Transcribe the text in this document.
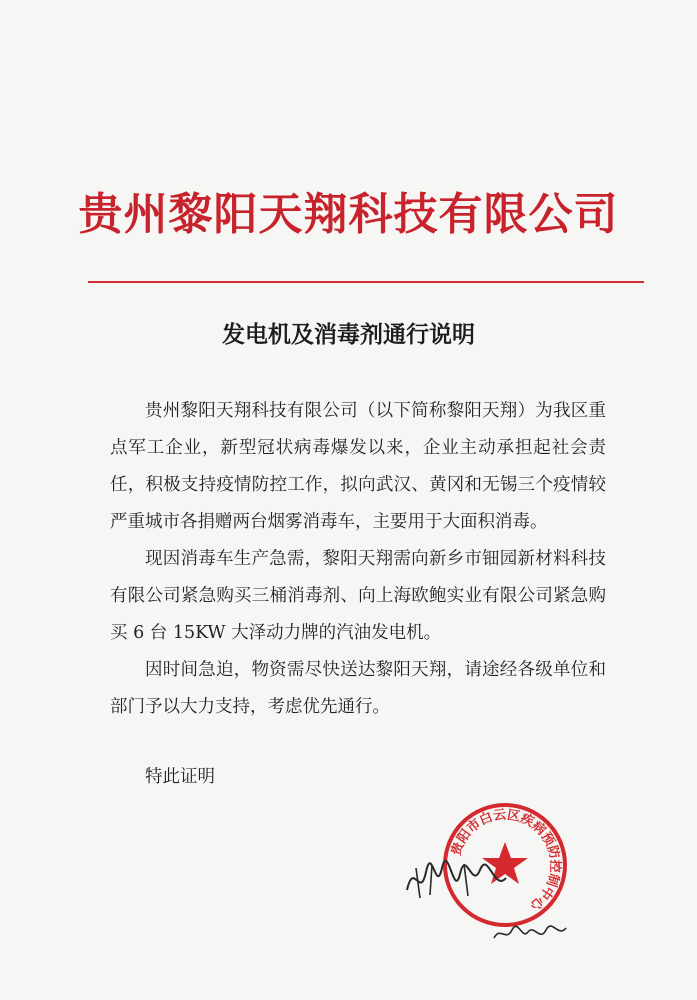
贵州黎阳天翔科技有限公司
发电机及消毒剂通行说明

贵州黎阳天翔科技有限公司（以下简称黎阳天翔）为我区重点军工企业，新型冠状病毒爆发以来，企业主动承担起社会责任，积极支持疫情防控工作，拟向武汉、黄冈和无锡三个疫情较严重城市各捐赠两台烟雾消毒车，主要用于大面积消毒。

现因消毒车生产急需，黎阳天翔需向新乡市钿园新材料科技有限公司紧急购买三桶消毒剂、向上海欧鲍实业有限公司紧急购买 6 台 15KW 大泽动力牌的汽油发电机。

因时间急迫，物资需尽快送达黎阳天翔，请途经各级单位和部门予以大力支持，考虑优先通行。

特此证明
贵阳市白云区疾病预防控制中心
